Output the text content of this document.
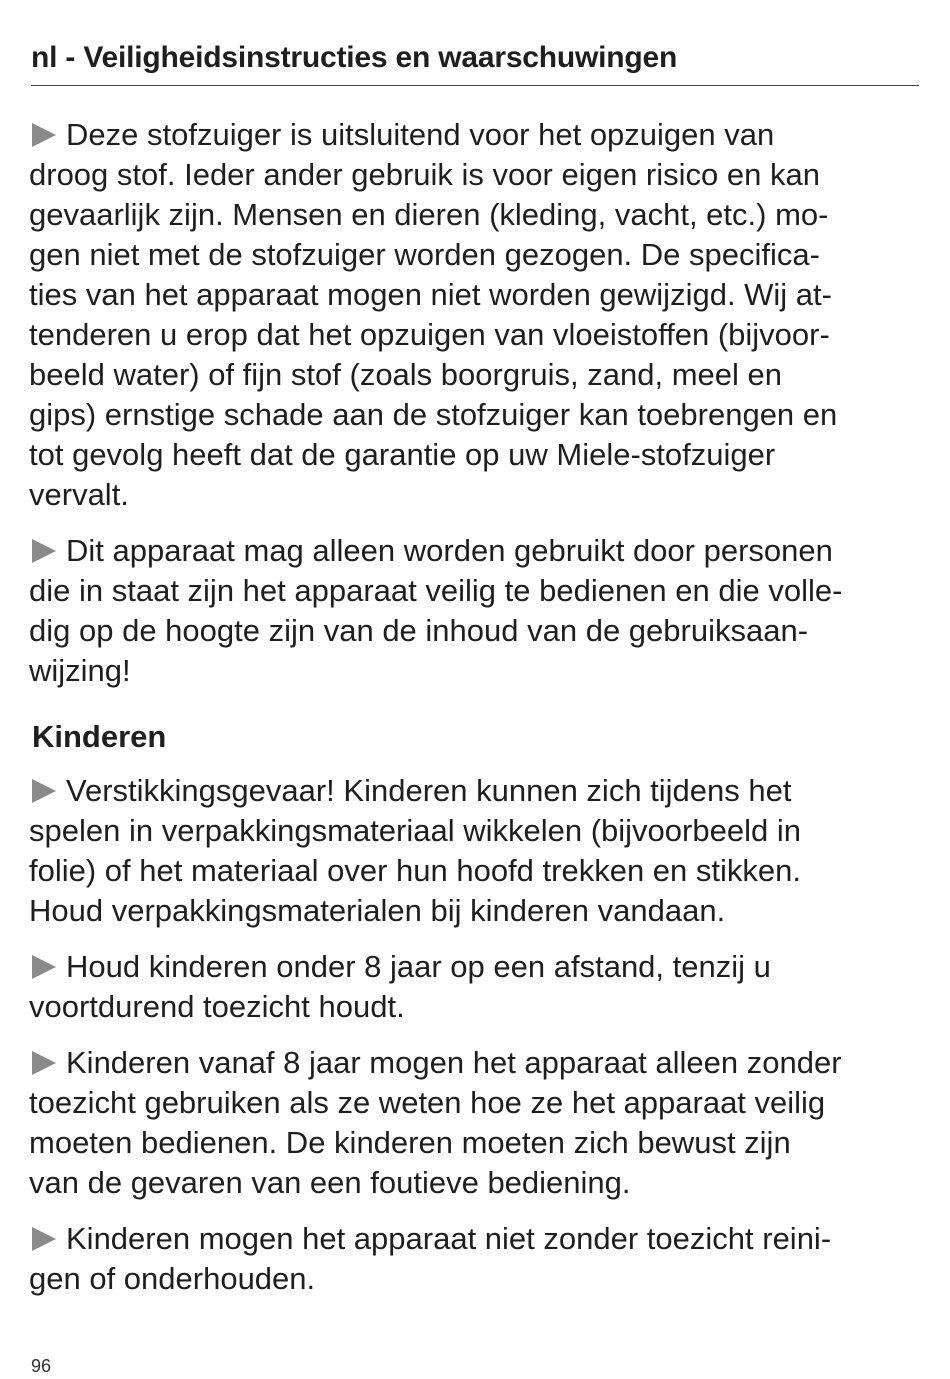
nl - Veiligheidsinstructies en waarschuwingen

Deze stofzuiger is uitsluitend voor het opzuigen van
droog stof. Ieder ander gebruik is voor eigen risico en kan
gevaarlijk zijn. Mensen en dieren (kleding, vacht, etc.) mo-
gen niet met de stofzuiger worden gezogen. De specifica-
ties van het apparaat mogen niet worden gewijzigd. Wij at-
tenderen u erop dat het opzuigen van vloeistoffen (bijvoor-
beeld water) of fijn stof (zoals boorgruis, zand, meel en
gips) ernstige schade aan de stofzuiger kan toebrengen en
tot gevolg heeft dat de garantie op uw Miele-stofzuiger
vervalt.

Dit apparaat mag alleen worden gebruikt door personen
die in staat zijn het apparaat veilig te bedienen en die volle-
dig op de hoogte zijn van de inhoud van de gebruiksaan-
wijzing!

Kinderen

Verstikkingsgevaar! Kinderen kunnen zich tijdens het
spelen in verpakkingsmateriaal wikkelen (bijvoorbeeld in
folie) of het materiaal over hun hoofd trekken en stikken.
Houd verpakkingsmaterialen bij kinderen vandaan.

Houd kinderen onder 8 jaar op een afstand, tenzij u
voortdurend toezicht houdt.

Kinderen vanaf 8 jaar mogen het apparaat alleen zonder
toezicht gebruiken als ze weten hoe ze het apparaat veilig
moeten bedienen. De kinderen moeten zich bewust zijn
van de gevaren van een foutieve bediening.

Kinderen mogen het apparaat niet zonder toezicht reini-
gen of onderhouden.

96
